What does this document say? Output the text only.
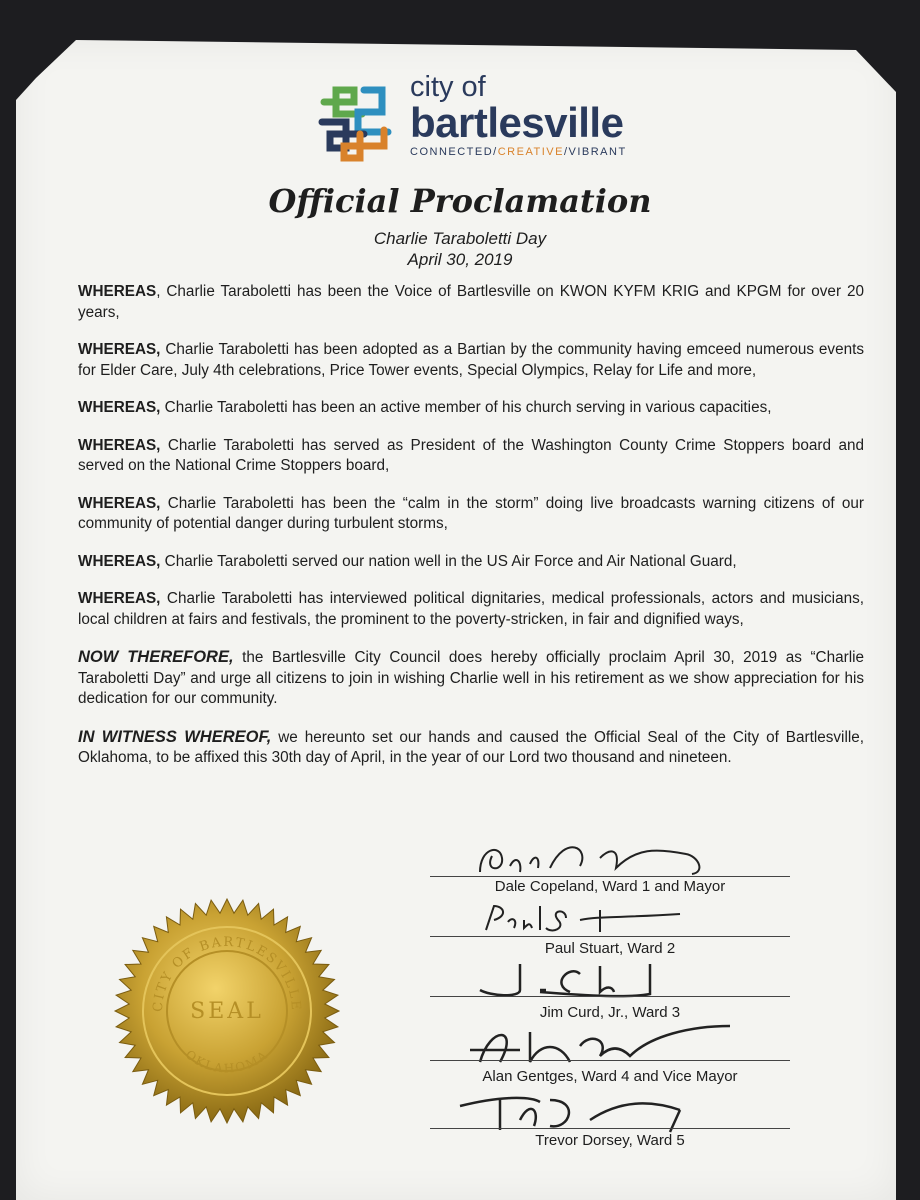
city of
bartlesville
CONNECTED/CREATIVE/VIBRANT
Official Proclamation
Charlie Taraboletti Day
April 30, 2019

WHEREAS, Charlie Taraboletti has been the Voice of Bartlesville on KWON KYFM KRIG and KPGM for over 20 years,

WHEREAS, Charlie Taraboletti has been adopted as a Bartian by the community having emceed numerous events for Elder Care, July 4th celebrations, Price Tower events, Special Olympics, Relay for Life and more,

WHEREAS, Charlie Taraboletti has been an active member of his church serving in various capacities,

WHEREAS, Charlie Taraboletti has served as President of the Washington County Crime Stoppers board and served on the National Crime Stoppers board,

WHEREAS, Charlie Taraboletti has been the “calm in the storm” doing live broadcasts warning citizens of our community of potential danger during turbulent storms,

WHEREAS, Charlie Taraboletti served our nation well in the US Air Force and Air National Guard,

WHEREAS, Charlie Taraboletti has interviewed political dignitaries, medical professionals, actors and musicians, local children at fairs and festivals, the prominent to the poverty-stricken, in fair and dignified ways,

NOW THEREFORE, the Bartlesville City Council does hereby officially proclaim April 30, 2019 as “Charlie Taraboletti Day” and urge all citizens to join in wishing Charlie well in his retirement as we show appreciation for his dedication for our community.

IN WITNESS WHEREOF, we hereunto set our hands and caused the Official Seal of the City of Bartlesville, Oklahoma, to be affixed this 30th day of April, in the year of our Lord two thousand and nineteen.

Dale Copeland, Ward 1 and Mayor
Paul Stuart, Ward 2
Jim Curd, Jr., Ward 3
Alan Gentges, Ward 4 and Vice Mayor
Trevor Dorsey, Ward 5
CITY OF BARTLESVILLE
SEAL
OKLAHOMA
